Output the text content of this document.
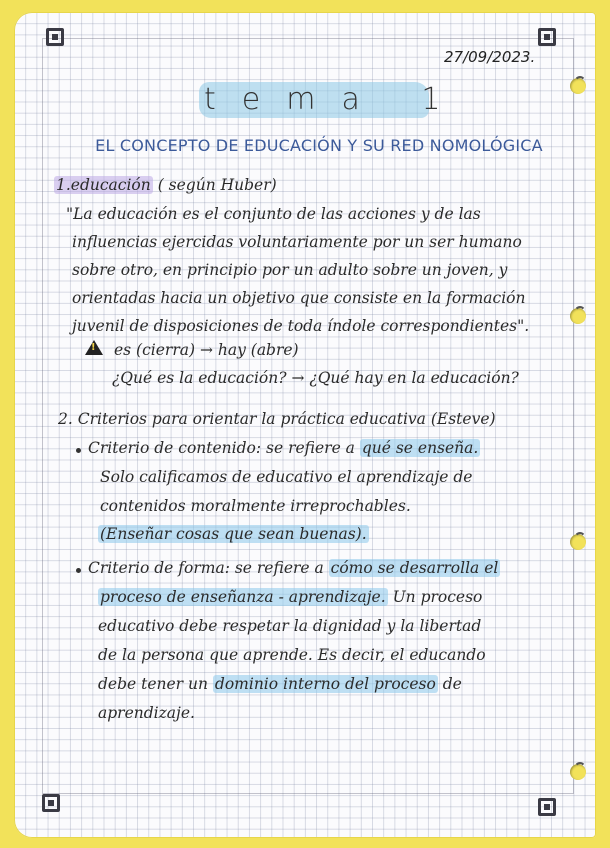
27/09/2023.
tema 1
EL CONCEPTO DE EDUCACIÓN Y SU RED NOMOLÓGICA
1.educación ( según Huber)
"La educación es el conjunto de las acciones y de las
influencias ejercidas voluntariamente por un ser humano
sobre otro, en principio por un adulto sobre un joven, y
orientadas hacia un objetivo que consiste en la formación
juvenil de disposiciones de toda índole correspondientes".
!
es (cierra) → hay (abre)
¿Qué es la educación? → ¿Qué hay en la educación?
2. Criterios para orientar la práctica educativa (Esteve)
Criterio de contenido: se refiere a qué se enseña.
Solo calificamos de educativo el aprendizaje de
contenidos moralmente irreprochables.
(Enseñar cosas que sean buenas).
Criterio de forma: se refiere a cómo se desarrolla el
proceso de enseñanza - aprendizaje. Un proceso
educativo debe respetar la dignidad y la libertad
de la persona que aprende. Es decir, el educando
debe tener un dominio interno del proceso de
aprendizaje.
